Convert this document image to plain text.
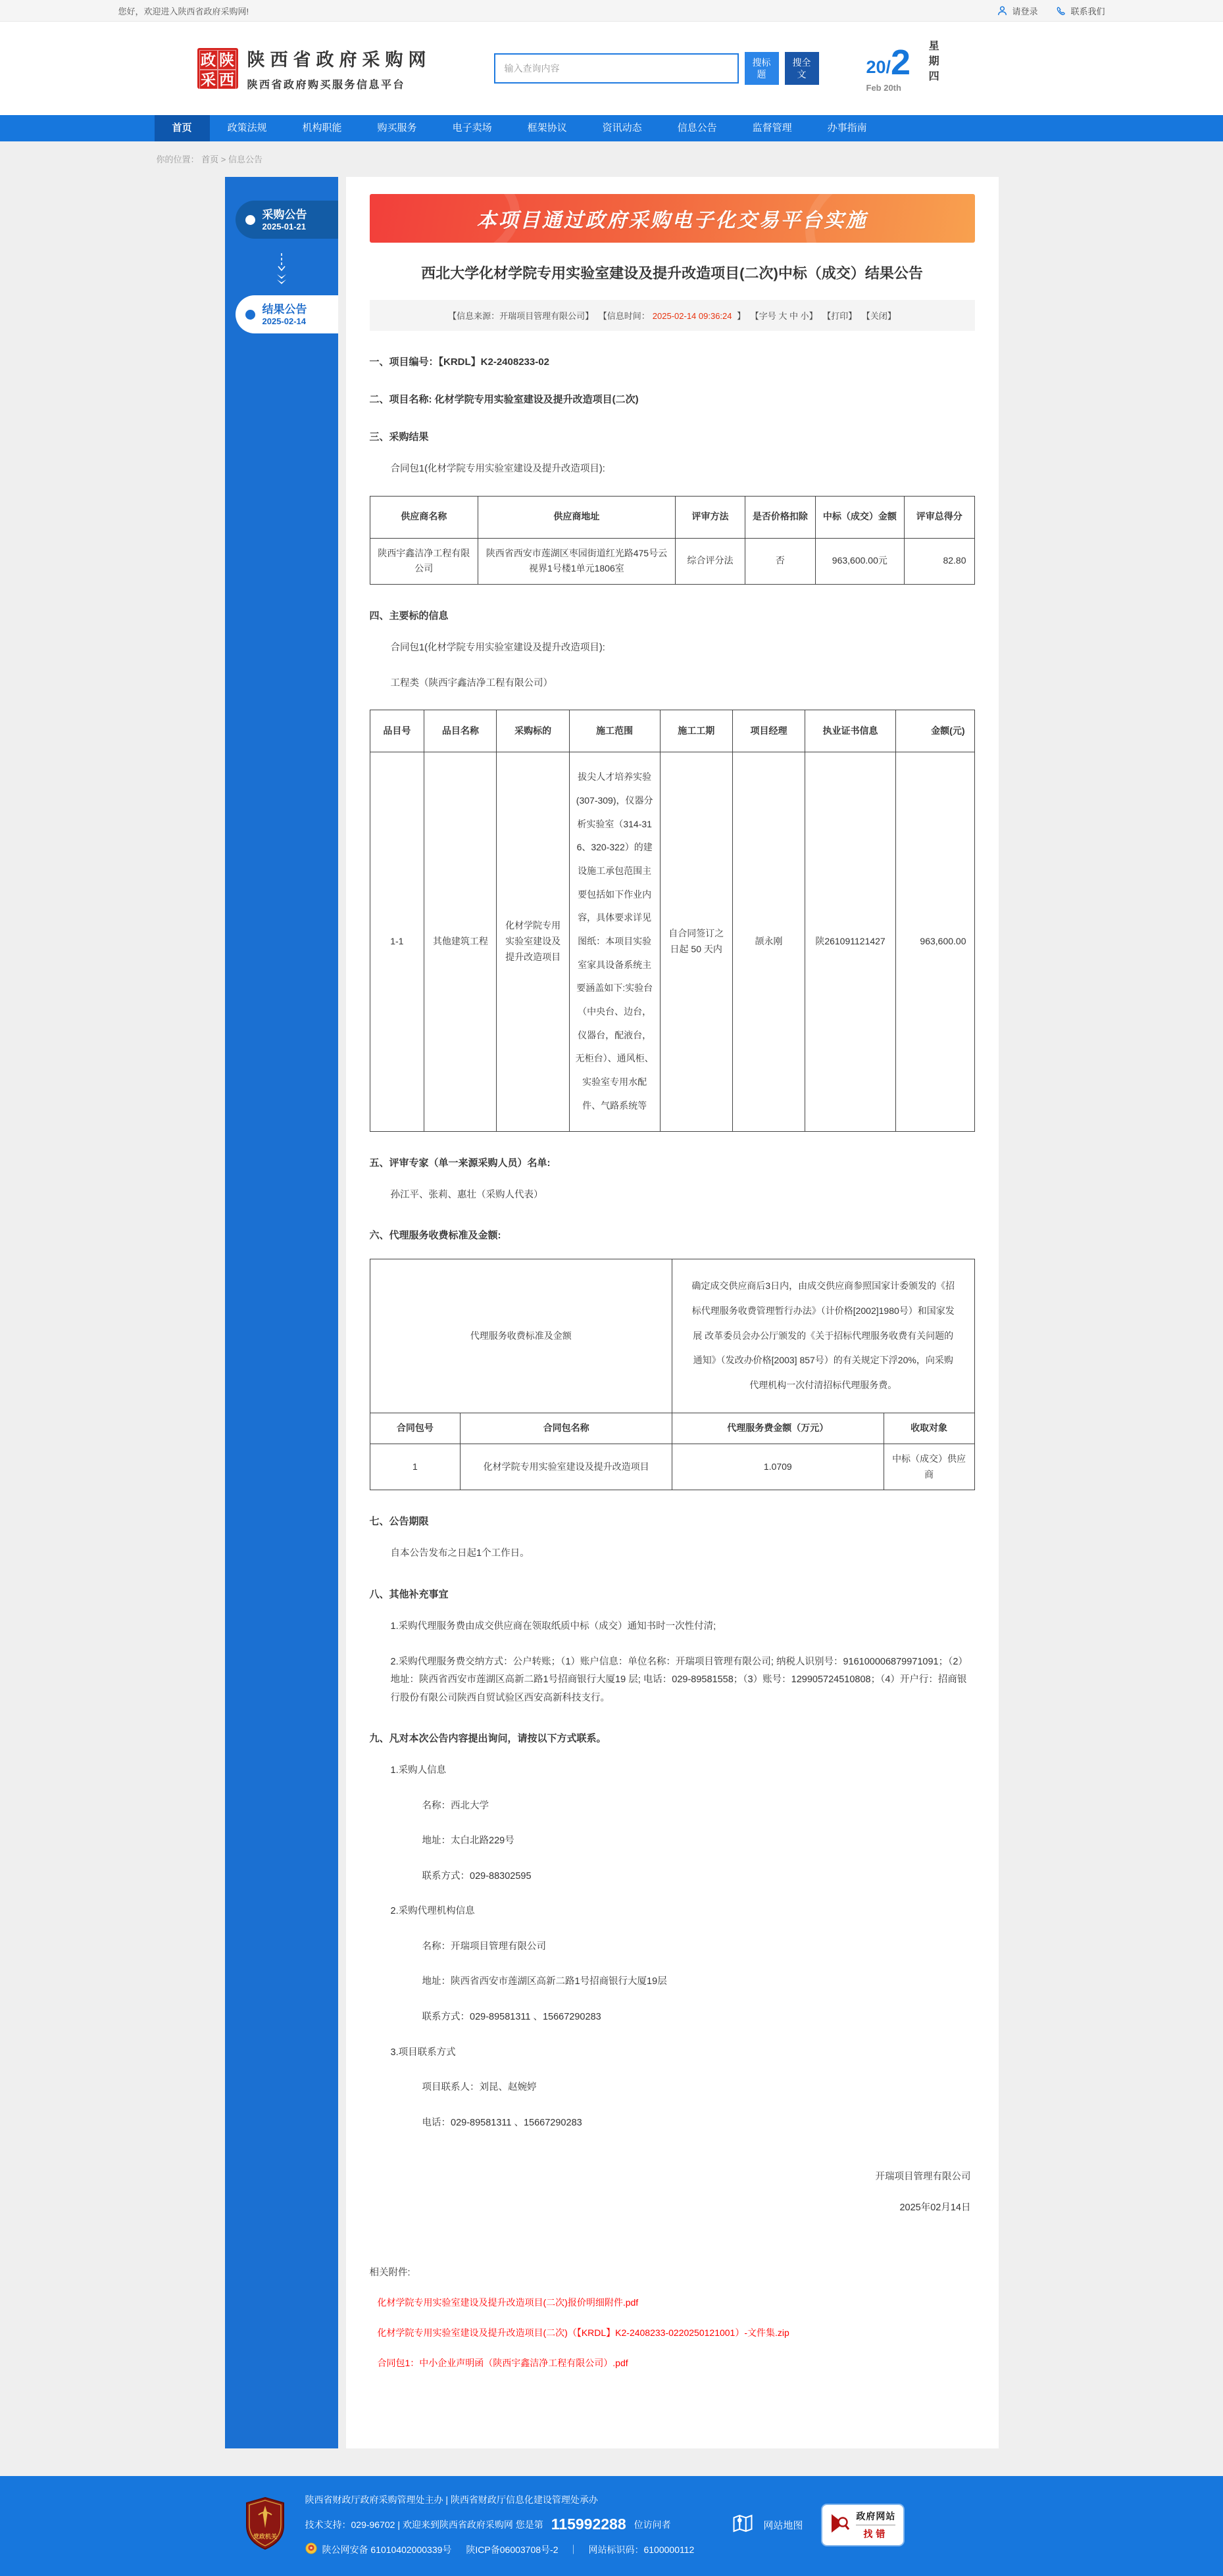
您好，欢迎进入陕西省政府采购网!	请登录	联系我们
政 陕
采 西
陕西省政府采购网
陕西省政府购买服务信息平台
输入查询内容
搜标题
搜全文	20/ 2
Feb 20th
星期四
首页	政策法规	机构职能	购买服务	电子卖场	框架协议	资讯动态	信息公告	监督管理	办事指南
你的位置： 首页 > 信息公告
采购公告
2025-01-21
结果公告
2025-02-14
本项目通过政府采购电子化交易平台实施
西北大学化材学院专用实验室建设及提升改造项目(二次)中标（成交）结果公告
【信息来源：开瑞项目管理有限公司】 【信息时间： 2025-02-14 09:36:24 】 【字号 大 中 小】 【打印】 【关闭】

一、项目编号：【KRDL】K2-2408233-02

二、项目名称: 化材学院专用实验室建设及提升改造项目(二次)

三、采购结果

合同包1(化材学院专用实验室建设及提升改造项目):

供应商名称	供应商地址	评审方法	是否价格扣除	中标（成交）金额	评审总得分
陕西宇鑫洁净工程有限公司	陕西省西安市莲湖区枣园街道红光路475号云视界1号楼1单元1806室	综合评分法	否	963,600.00元	82.80

四、主要标的信息

合同包1(化材学院专用实验室建设及提升改造项目):

工程类（陕西宇鑫洁净工程有限公司）

品目号	品目名称	采购标的	施工范围	施工工期	项目经理	执业证书信息	金额(元)
1-1	其他建筑工程	化材学院专用实验室建设及提升改造项目	拔尖人才培养实验(307-309)，仪器分析实验室（314-316、320-322）的建设施工承包范围主要包括如下作业内容，具体要求详见图纸：本项目实验室家具设备系统主要涵盖如下:实验台（中央台、边台，仪器台，配液台，无柜台）、通风柜、实验室专用水配件、气路系统等	自合同签订之日起 50 天内	颉永刚	陕261091121427	963,600.00

五、评审专家（单一来源采购人员）名单:

孙江平、张莉、惠壮（采购人代表）

六、代理服务收费标准及金额:

代理服务收费标准及金额		确定成交供应商后3日内，由成交供应商参照国家计委颁发的《招标代理服务收费管理暂行办法》（计价格[2002]1980号）和国家发展 改革委员会办公厅颁发的《关于招标代理服务收费有关问题的通知》（发改办价格[2003] 857号）的有关规定下浮20%，向采购代理机构一次付清招标代理服务费。	
合同包号	合同包名称	代理服务费金额（万元）	收取对象
1	化材学院专用实验室建设及提升改造项目	1.0709	中标（成交）供应商

七、公告期限

自本公告发布之日起1个工作日。

八、其他补充事宜

1.采购代理服务费由成交供应商在领取纸质中标（成交）通知书时一次性付清;

2.采购代理服务费交纳方式：公户转账；（1）账户信息：单位名称：开瑞项目管理有限公司; 纳税人识别号：916100006879971091；（2）地址：陕西省西安市莲湖区高新二路1号招商银行大厦19 层; 电话：029-89581558；（3）账号：129905724510808；（4）开户行：招商银行股份有限公司陕西自贸试验区西安高新科技支行。

九、凡对本次公告内容提出询问，请按以下方式联系。

1.采购人信息

名称：西北大学

地址：太白北路229号

联系方式：029-88302595

2.采购代理机构信息

名称：开瑞项目管理有限公司

地址：陕西省西安市莲湖区高新二路1号招商银行大厦19层

联系方式：029-89581311 、15667290283

3.项目联系方式

项目联系人：刘昆、赵婉婷

电话：029-89581311 、15667290283

开瑞项目管理有限公司
2025年02月14日
相关附件:
化材学院专用实验室建设及提升改造项目(二次)报价明细附件.pdf
化材学院专用实验室建设及提升改造项目(二次)（【KRDL】K2-2408233-0220250121001）-文件集.zip
合同包1：中小企业声明函（陕西宇鑫洁净工程有限公司）.pdf
党政机关
陕西省财政厅政府采购管理处主办 | 陕西省财政厅信息化建设管理处承办
技术支持：029-96702 | 欢迎来到陕西省政府采购网 您是第 115992288 位访问者
陕公网安备 61010402000339号 陕ICP备06003708号-2 ｜ 网站标识码：6100000112
网站地图
政府网站
找错
